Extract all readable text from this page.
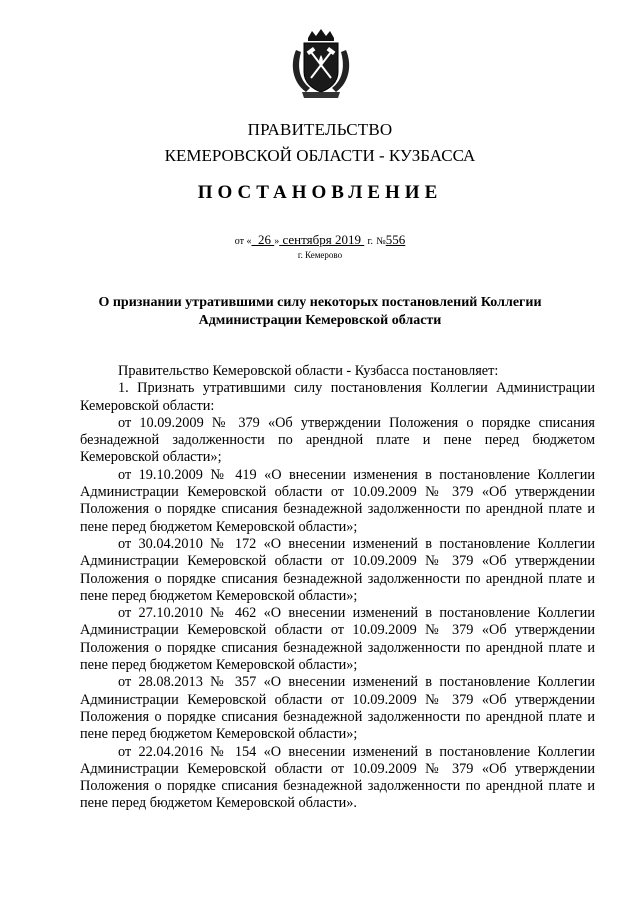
ПРАВИТЕЛЬСТВО
КЕМЕРОВСКОЙ ОБЛАСТИ - КУЗБАССА
ПОСТАНОВЛЕНИЕ
от « 26 » сентября 2019 г. №556
г. Кемерово
О признании утратившими силу некоторых постановлений Коллегии Администрации Кемеровской области

Правительство Кемеровской области - Кузбасса постановляет:

1. Признать утратившими силу постановления Коллегии Администрации Кемеровской области:

от 10.09.2009 № 379 «Об утверждении Положения о порядке списания безнадежной задолженности по арендной плате и пене перед бюджетом Кемеровской области»;

от 19.10.2009 № 419 «О внесении изменения в постановление Коллегии Администрации Кемеровской области от 10.09.2009 № 379 «Об утверждении Положения о порядке списания безнадежной задолженности по арендной плате и пене перед бюджетом Кемеровской области»;

от 30.04.2010 № 172 «О внесении изменений в постановление Коллегии Администрации Кемеровской области от 10.09.2009 № 379 «Об утверждении Положения о порядке списания безнадежной задолженности по арендной плате и пене перед бюджетом Кемеровской области»;

от 27.10.2010 № 462 «О внесении изменений в постановление Коллегии Администрации Кемеровской области от 10.09.2009 № 379 «Об утверждении Положения о порядке списания безнадежной задолженности по арендной плате и пене перед бюджетом Кемеровской области»;

от 28.08.2013 № 357 «О внесении изменений в постановление Коллегии Администрации Кемеровской области от 10.09.2009 № 379 «Об утверждении Положения о порядке списания безнадежной задолженности по арендной плате и пене перед бюджетом Кемеровской области»;

от 22.04.2016 № 154 «О внесении изменений в постановление Коллегии Администрации Кемеровской области от 10.09.2009 № 379 «Об утверждении Положения о порядке списания безнадежной задолженности по арендной плате и пене перед бюджетом Кемеровской области».
